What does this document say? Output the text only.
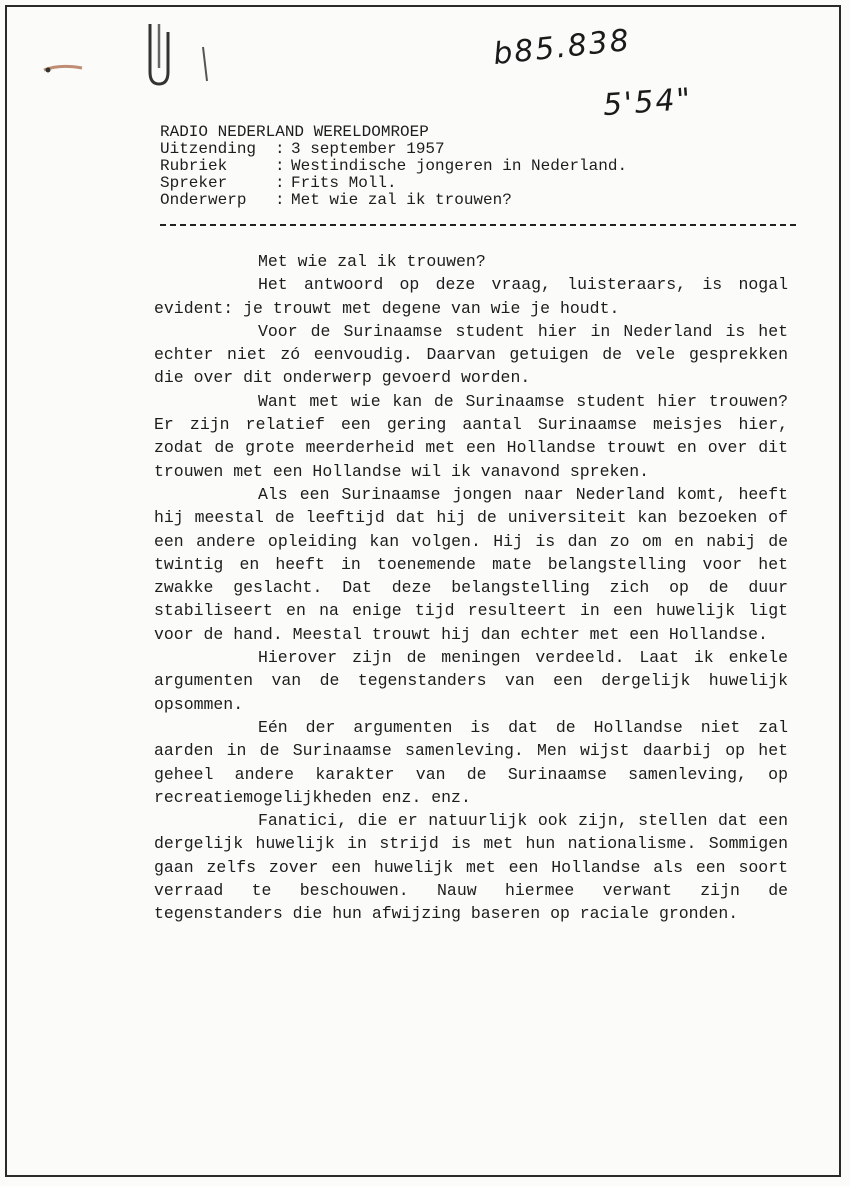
b85.838
5'54"
RADIO NEDERLAND WERELDOMROEP
Uitzending : 3 september 1957
Rubriek	: Westindische jongeren in Nederland.
Spreker	: Frits Moll.
Onderwerp : Met wie zal ik trouwen?

Met wie zal ik trouwen?

Het antwoord op deze vraag, luisteraars, is nogal evident: je trouwt met degene van wie je houdt.

Voor de Surinaamse student hier in Nederland is het echter niet zó eenvoudig. Daarvan getuigen de vele gesprekken die over dit onderwerp gevoerd worden.

Want met wie kan de Surinaamse student hier trouwen? Er zijn relatief een gering aantal Surinaamse meisjes hier, zodat de grote meerderheid met een Hollandse trouwt en over dit trouwen met een Hollandse wil ik vanavond spreken.

Als een Surinaamse jongen naar Nederland komt, heeft hij meestal de leeftijd dat hij de universiteit kan bezoeken of een andere opleiding kan volgen. Hij is dan zo om en nabij de twintig en heeft in toenemende mate belangstelling voor het zwakke geslacht. Dat deze belangstelling zich op de duur stabiliseert en na enige tijd resulteert in een huwelijk ligt voor de hand. Meestal trouwt hij dan echter met een Hollandse.

Hierover zijn de meningen verdeeld. Laat ik enkele argumenten van de tegenstanders van een dergelijk huwelijk opsommen.

Eén der argumenten is dat de Hollandse niet zal aarden in de Surinaamse samenleving. Men wijst daarbij op het geheel andere karakter van de Surinaamse samenleving, op recreatiemogelijkheden enz. enz.

Fanatici, die er natuurlijk ook zijn, stellen dat een dergelijk huwelijk in strijd is met hun nationalisme. Sommigen gaan zelfs zover een huwelijk met een Hollandse als een soort verraad te beschouwen. Nauw hiermee verwant zijn de tegenstanders die hun afwijzing baseren op raciale gronden.
